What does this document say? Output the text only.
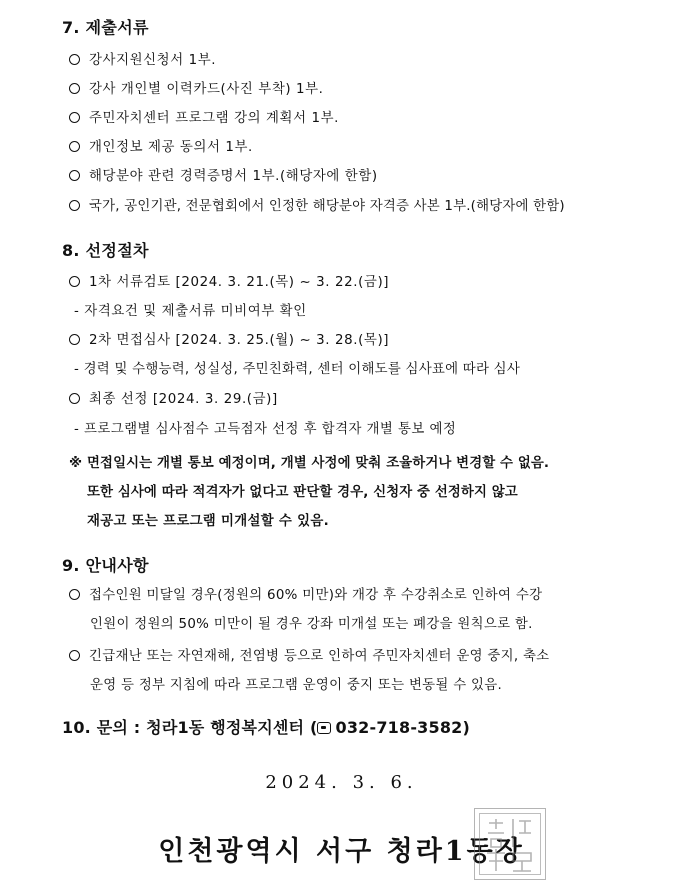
7. 제출서류
강사지원신청서 1부.
강사 개인별 이력카드(사진 부착) 1부.
주민자치센터 프로그램 강의 계획서 1부.
개인정보 제공 동의서 1부.
해당분야 관련 경력증명서 1부.(해당자에 한함)
국가, 공인기관, 전문협회에서 인정한 해당분야 자격증 사본 1부.(해당자에 한함)
8. 선정절차
1차 서류검토 [2024. 3. 21.(목) ~ 3. 22.(금)]
- 자격요건 및 제출서류 미비여부 확인
2차 면접심사 [2024. 3. 25.(월) ~ 3. 28.(목)]
- 경력 및 수행능력, 성실성, 주민친화력, 센터 이해도를 심사표에 따라 심사
최종 선정 [2024. 3. 29.(금)]
- 프로그램별 심사점수 고득점자 선정 후 합격자 개별 통보 예정
※ 면접일시는 개별 통보 예정이며, 개별 사정에 맞춰 조율하거나 변경할 수 없음.
또한 심사에 따라 적격자가 없다고 판단할 경우, 신청자 중 선정하지 않고
재공고 또는 프로그램 미개설할 수 있음.
9. 안내사항
접수인원 미달일 경우(정원의 60% 미만)와 개강 후 수강취소로 인하여 수강
인원이 정원의 50% 미만이 될 경우 강좌 미개설 또는 폐강을 원칙으로 함.
긴급재난 또는 자연재해, 전염병 등으로 인하여 주민자치센터 운영 중지, 축소
운영 등 정부 지침에 따라 프로그램 운영이 중지 또는 변동될 수 있음.
10. 문의 : 청라1동 행정복지센터 ( 032-718-3582)
2024. 3. 6.
인천광역시 서구 청라1동장
